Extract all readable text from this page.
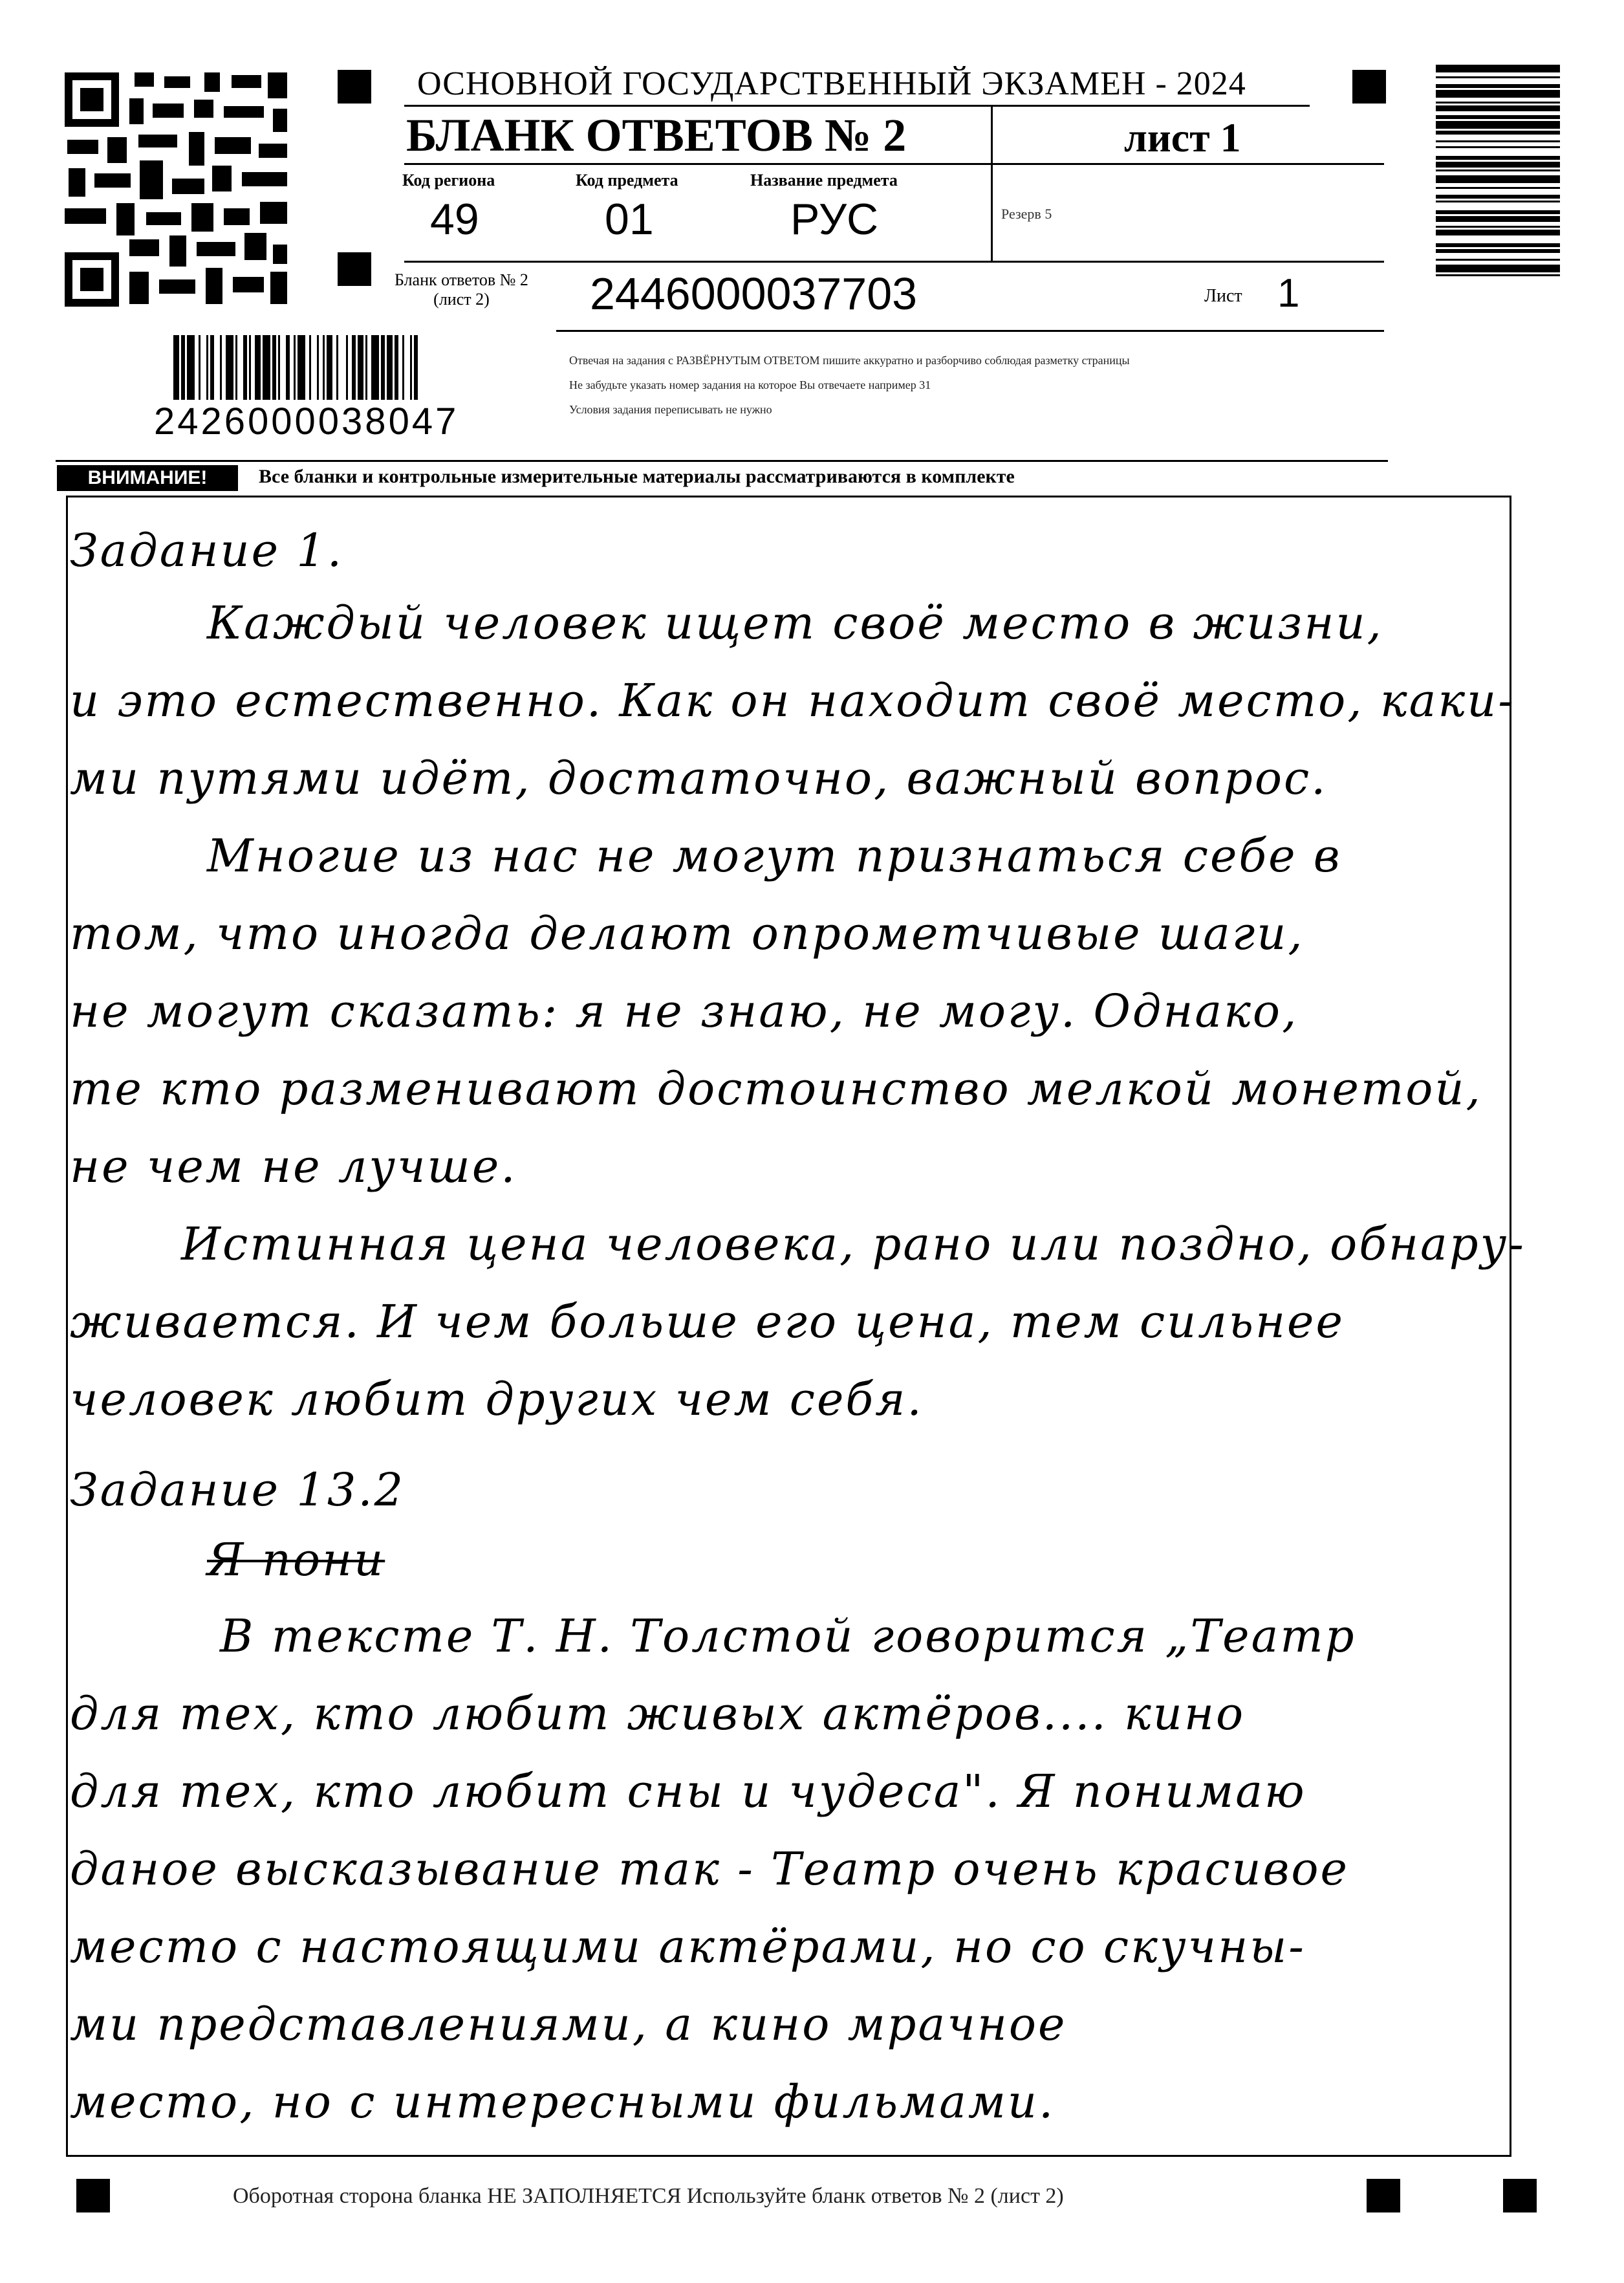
ОСНОВНОЙ ГОСУДАРСТВЕННЫЙ ЭКЗАМЕН - 2024
БЛАНК ОТВЕТОВ № 2	лист 1
Код региона
49
Код предмета
01
Название предмета
РУС	Резерв 5
Бланк ответов № 2
(лист 2)	2446000037703	Лист 1
Отвечая на задания с РАЗВЁРНУТЫМ ОТВЕТОМ пишите аккуратно и разборчиво соблюдая разметку страницы
Не забудьте указать номер задания на которое Вы отвечаете например 31
Условия задания переписывать не нужно
2426000038047
ВНИМАНИЕ!	Все бланки и контрольные измерительные материалы рассматриваются в комплекте
Задание 1.
Каждый человек ищет своё место в жизни,
и это естественно. Как он находит своё место, каки-
ми путями идёт, достаточно, важный вопрос.
Многие из нас не могут признаться себе в
том, что иногда делают опрометчивые шаги,
не могут сказать: я не знаю, не могу. Однако,
те кто разменивают достоинство мелкой монетой,
не чем не лучше.
Истинная цена человека, рано или поздно, обнару-
живается. И чем больше его цена, тем сильнее
человек любит других чем себя.
Задание 13.2
Я пони
В тексте Т. Н. Толстой говорится „Театр
для тех, кто любит живых актёров.... кино
для тех, кто любит сны и чудеса". Я понимаю
даное высказывание так - Театр очень красивое
место с настоящими актёрами, но со скучны-
ми представлениями, а кино мрачное
место, но с интересными фильмами.
Оборотная сторона бланка НЕ ЗАПОЛНЯЕТСЯ Используйте бланк ответов № 2 (лист 2)
